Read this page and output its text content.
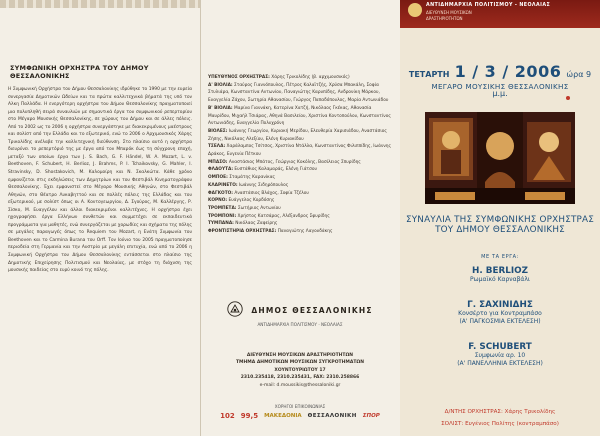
ΣΥΜΦΩΝΙΚΗ ΟΡΧΗΣΤΡΑ ΤΟΥ ΔΗΜΟΥ ΘΕΣΣΑΛΟΝΙΚΗΣ

Η Συμφωνική Ορχήστρα του Δήμου Θεσσαλονίκης ιδρύθηκε το 1990 με την ευρεία συνεργασία Δημοτικών Ωδείων και τα πρώτα καλλιτεχνικά βήματά της υπό τον Αλκη Παλλάδα. Η ενεργότερη ορχήστρα του Δήμου Θεσσαλονίκης πραγματοποιεί μια πολυπληθή σειρά συναυλιών με σημαντικά έργα του συμφωνικού ρεπερτορίου στο Μέγαρο Μουσικής Θεσσαλονίκης, σε χώρους του Δήμου και σε άλλες πόλεις. Από το 2002 ως το 2006 η ορχήστρα συνεργάστηκε με διακεκριμένους μαέστρους και σολίστ από την Ελλάδα και το εξωτερικό, ενώ το 2006 ο Αρχιμουσικός Χάρης Τρικολίδης ανέλαβε την καλλιτεχνική διεύθυνση. Στο πλαίσιο αυτό η ορχήστρα διευρύνει το ρεπερτόριό της με έργα από τον Μπαρόκ έως τη σύγχρονη εποχή, μεταξύ των οποίων έργα των J. S. Bach, G. F. Händel, W. A. Mozart, L. v. Beethoven, F. Schubert, H. Berlioz, J. Brahms, P. I. Tchaikovsky, G. Mahler, I. Stravinsky, D. Shostakovich, Μ. Καλομοίρη και Ν. Σκαλκώτα. Κάθε χρόνο εμφανίζεται στις εκδηλώσεις των Δημητρίων και του Φεστιβάλ Κινηματογράφου Θεσσαλονίκης. Έχει εμφανιστεί στο Μέγαρο Μουσικής Αθηνών, στο Φεστιβάλ Αθηνών, στο Θέατρο Λυκαβηττού και σε πολλές πόλεις της Ελλάδας και του εξωτερικού, με σολίστ όπως οι Α. Κοντογεωργίου, Δ. Σγούρος, Μ. Καλλέργης, Ρ. Σίσκο, Μ. Ευαγγέλου και άλλοι διακεκριμένοι καλλιτέχνες. Η ορχήστρα έχει ηχογραφήσει έργα Ελλήνων συνθετών και συμμετέχει σε εκπαιδευτικά προγράμματα για μαθητές, ενώ συνεργάζεται με χορωδίες και σχήματα της πόλης σε μεγάλες παραγωγές όπως το Requiem του Mozart, η Ενάτη Συμφωνία του Beethoven και το Carmina Burana του Orff. Τον Ιούνιο του 2005 πραγματοποίησε περιοδεία στη Γερμανία και την Αυστρία με μεγάλη επιτυχία, ενώ από το 2006 η Συμφωνική Ορχήστρα του Δήμου Θεσσαλονίκης εντάσσεται στο πλαίσιο της Δημοτικής Επιχείρησης Πολιτισμού και Νεολαίας, με στόχο τη διάχυση της μουσικής παιδείας στο ευρύ κοινό της πόλης.

ΥΠΕΥΘΥΝΟΣ ΟΡΧΗΣΤΡΑΣ: Χάρης Τρικολίδης (β. αρχιμουσικός)
Α' ΒΙΟΛΙΑ: Σταύρος Γιαννόπουλος, Πέτρος Καλαϊτζής, Χρύσα Μπακάλη, Σοφία Στυλιάρα, Κωνσταντίνα Αντωνίου, Παναγιώτης Καρυπίδης, Ανδρονίκη Μάρκου, Ευαγγελία Ζάχου, Σωτηρία Αθανασίου, Γιώργος Παπαδόπουλος, Μαρία Αντωνιάδου
Β' ΒΙΟΛΙΑ: Μαρίνα Γιαννάκη, Κατερίνα Χατζή, Νικόλαος Γκέκας, Αθανασία Μαυρίδου, Μιχαήλ Τσιάρας, Αθηνά Βασιλείου, Χριστίνα Κοντοπούλου, Κωνσταντίνος Αντωνιάδης, Ευαγγελία Πολυχρόνη
ΒΙΟΛΕΣ: Ιωάννης Γεωργίου, Κυριακή Μερίδου, Ελευθερία Χαρισιάδου, Αναστάσιος Ζήσης, Νικόλαος Αλεξίου, Ελένη Κυριακίδου
ΤΣΕΛΑ: Χαράλαμπος Τσίτσος, Χριστίνα Ντάλλα, Κωνσταντίνος Φιλιππίδης, Ιωάννης Δράκος, Ευγενία Πέτκου
ΜΠΑΣΟ: Αναστάσιος Μπάτος, Γεώργιος Κοκόλης, Βασίλειος Σπυρίδης
ΦΛΑΟΥΤΑ: Ευστάθιος Καλαμαράς, Ελένη Γιάτσου
ΟΜΠΟΕ: Σταμάτης Καρανίκας
ΚΛΑΡΙΝΕΤΟ: Ιωάννης Σιδηρόπουλος
ΦΑΓΚΟΤΟ: Αναστάσιος Βλάχος, Σοφία Τζέλου
ΚΟΡΝΟ: Ευάγγελος Κορδόσης
ΤΡΟΜΠΕΤΑ: Σωτήριος Αντωνίου
ΤΡΟΜΠΟΝΙ: Χρήστος Κατσάρας, Αλέξανδρος Σφυρίδης
ΤΥΜΠΑΝΑ: Νικόλαος Ζαφείρης
ΦΡΟΝΤΙΣΤΗΡΙΑ ΟΡΧΗΣΤΡΑΣ: Παναγιώτης Λαγουδάκης
ΔΗΜΟΣ ΘΕΣΣΑΛΟΝΙΚΗΣ
ΑΝΤΙΔΗΜΑΡΧΙΑ ΠΟΛΙΤΙΣΜΟΥ · ΝΕΟΛΑΙΑΣ
ΔΙΕΥΘΥΝΣΗ ΜΟΥΣΙΚΩΝ ΔΡΑΣΤΗΡΙΟΤΗΤΩΝ
ΤΜΗΜΑ ΔΗΜΟΤΙΚΩΝ ΜΟΥΣΙΚΩΝ ΣΥΓΚΡΟΤΗΜΑΤΩΝ
ΧΟΥΝΤΟΥΡΙΩΤΟΥ 17
2310.235418, 2310.235431, FAX: 2310.258866
e-mail: d.moussikis@thessaloniki.gr
ΧΟΡΗΓΟΙ ΕΠΙΚΟΙΝΩΝΙΑΣ
102 99,5 ΜΑΚΕΔΟΝΙΑ ΘΕΣΣΑΛΟΝΙΚΗ ΣΠΟΡ
ΑΝΤΙΔΗΜΑΡΧΙΑ ΠΟΛΙΤΙΣΜΟΥ - ΝΕΟΛΑΙΑΣ
ΔΙΕΥΘΥΝΣΗ ΜΟΥΣΙΚΩΝ
ΔΡΑΣΤΗΡΙΟΤΗΤΩΝ
ΤΕΤΑΡΤΗ 1 / 3 / 2006 ώρα 9 μ.μ.
ΜΕΓΑΡΟ ΜΟΥΣΙΚΗΣ ΘΕΣΣΑΛΟΝΙΚΗΣ
ΣΥΝΑΥΛΙΑ ΤΗΣ ΣΥΜΦΩΝΙΚΗΣ ΟΡΧΗΣΤΡΑΣ ΤΟΥ ΔΗΜΟΥ ΘΕΣΣΑΛΟΝΙΚΗΣ
ΜΕ ΤΑ ΕΡΓΑ:
H. BERLIOZ
Ρωμαϊκό Καρναβάλι
Γ. ΣΑΧΙΝΙΔΗΣ
Κονσέρτο για Κοντραμπάσο
(Α' ΠΑΓΚΟΣΜΙΑ ΕΚΤΕΛΕΣΗ)
F. SCHUBERT
Συμφωνία αρ. 10
(Α' ΠΑΝΕΛΛΗΝΙΑ ΕΚΤΕΛΕΣΗ)
Δ/ΝΤΗΣ ΟΡΧΗΣΤΡΑΣ: Χάρης Τρικολίδης
ΣΟΛΙΣΤ: Ευγένιος Πολίτης (κοντραμπάσο)
